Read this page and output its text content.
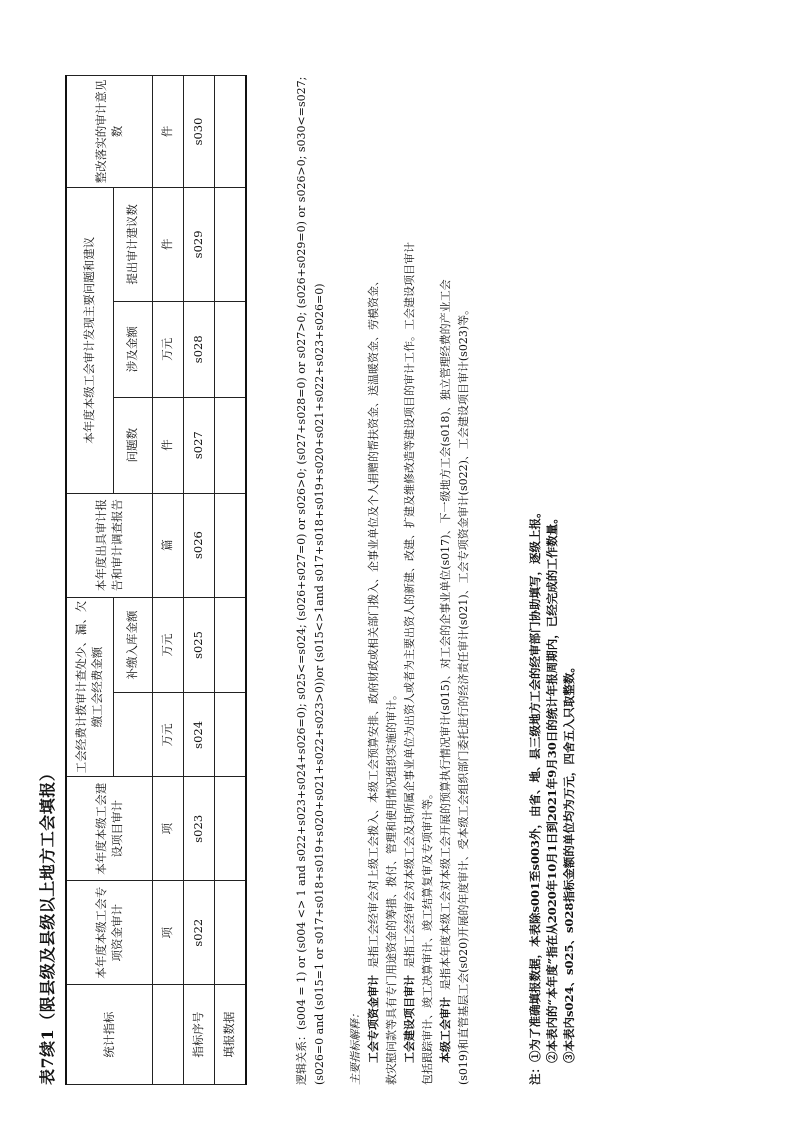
表7续1（限县级及县级以上地方工会填报）	统计指标	本年度本级工会专项资金审计	本年度本级工会建设项目审计	工会经费计拨审计查处少、漏、欠缴工会经费金额		本年度出具审计报告和审计调查报告	本年度本级工会审计发现主要问题和建议			整改落实的审计意见数
				补缴入库金额		问题数	涉及金额	提出审计建议数	
	项	项	万元	万元	篇	件	万元	件	件
指标序号	s022	s023	s024	s025	s026	s027	s028	s029	s030
填报数据										逻辑关系：(s004 = 1) or (s004 <> 1 and s022+s023+s024+s026=0); s025<=s024; (s026+s027=0) or s026>0; (s027+s028=0) or s027>0; (s026+s029=0) or s026>0; s030<=s027; (s026=0 and (s015=1 or s017+s018+s019+s020+s021+s022+s023>0))or (s015<>1and s017+s018+s019+s020+s021+s022+s023+s026=0) 主要指标解释： 工会专项资金审计  是指工会经审会对上级工会拨入、本级工会预算安排、政府财政或相关部门拨入、企事业单位及个人捐赠的帮扶资金、送温暖资金、劳模资金、 救灾慰问款等具有专门用途资金的筹措、拨付、管理和使用情况组织实施的审计。 工会建设项目审计  是指工会经审会对本级工会及其所属企事业单位为出资人或者为主要出资人的新建、改建、扩建及维修改造等建设项目的审计工作。工会建设项目审计 包括跟踪审计、竣工决算审计、竣工结算复审及专项审计等。 本级工会审计  是指本年度本级工会对本级工会开展的预算执行情况审计(s015)、对工会的企事业单位(s017)、下一级地方工会(s018)、独立管理经费的产业工会 (s019)和直管基层工会(s020)开展的年度审计、受本级工会组织部门委托进行的经济责任审计(s021)、工会专项资金审计(s022)、工会建设项目审计(s023)等。	注：①为了准确填报数据，本表除s001至s003外，由省、地、县三级地方工会的经审部门协助填写，逐级上报。 ②本表内的“本年度”指在从2020年10月1日到2021年9月30日的统计年报周期内，已经完成的工作数量。 ③本表内s024、s025、s028指标金额的单位均为万元，四舍五入只取整数。
